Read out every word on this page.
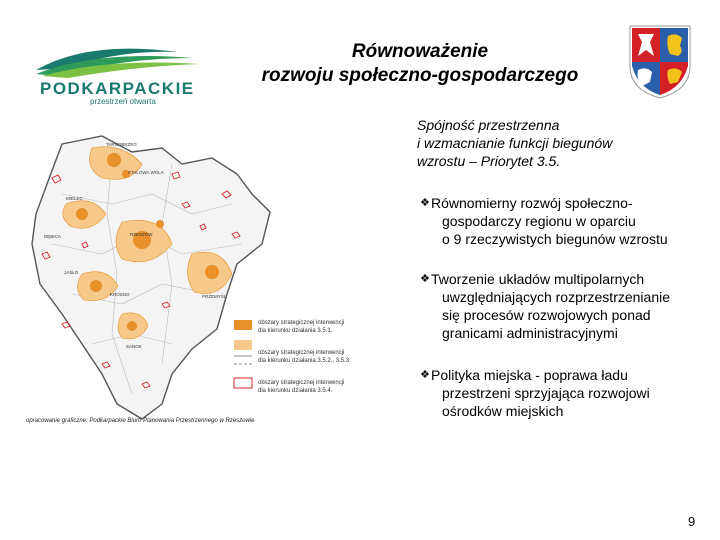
Równoważenie
rozwoju społeczno-gospodarczego
PODKARPACKIE
przestrzeń otwarta
RZESZÓW
PRZEMYŚL
KROSNO
TARNOBRZEG
SANOK
MIELEC
DĘBICA
JASŁO
STALOWA WOLA
obszary strategicznej interwencji
dla kierunku działania 3.5.1.
obszary strategicznej interwencji
dla kierunku działania 3.5.2., 3.5.3.
obszary strategicznej interwencji
dla kierunku działania 3.5.4.
opracowanie graficzne: Podkarpackie Biuro Planowania Przestrzennego w Rzeszowie
Spójność przestrzenna
i wzmacnianie funkcji biegunów
wzrostu – Priorytet 3.5.
❖ Równomierny rozwój społeczno-
gospodarczy regionu w oparciu
o 9 rzeczywistych biegunów wzrostu
❖ Tworzenie układów multipolarnych
uwzględniających rozprzestrzenianie
się procesów rozwojowych ponad
granicami administracyjnymi
❖ Polityka miejska - poprawa ładu
przestrzeni sprzyjająca rozwojowi
ośrodków miejskich
9
